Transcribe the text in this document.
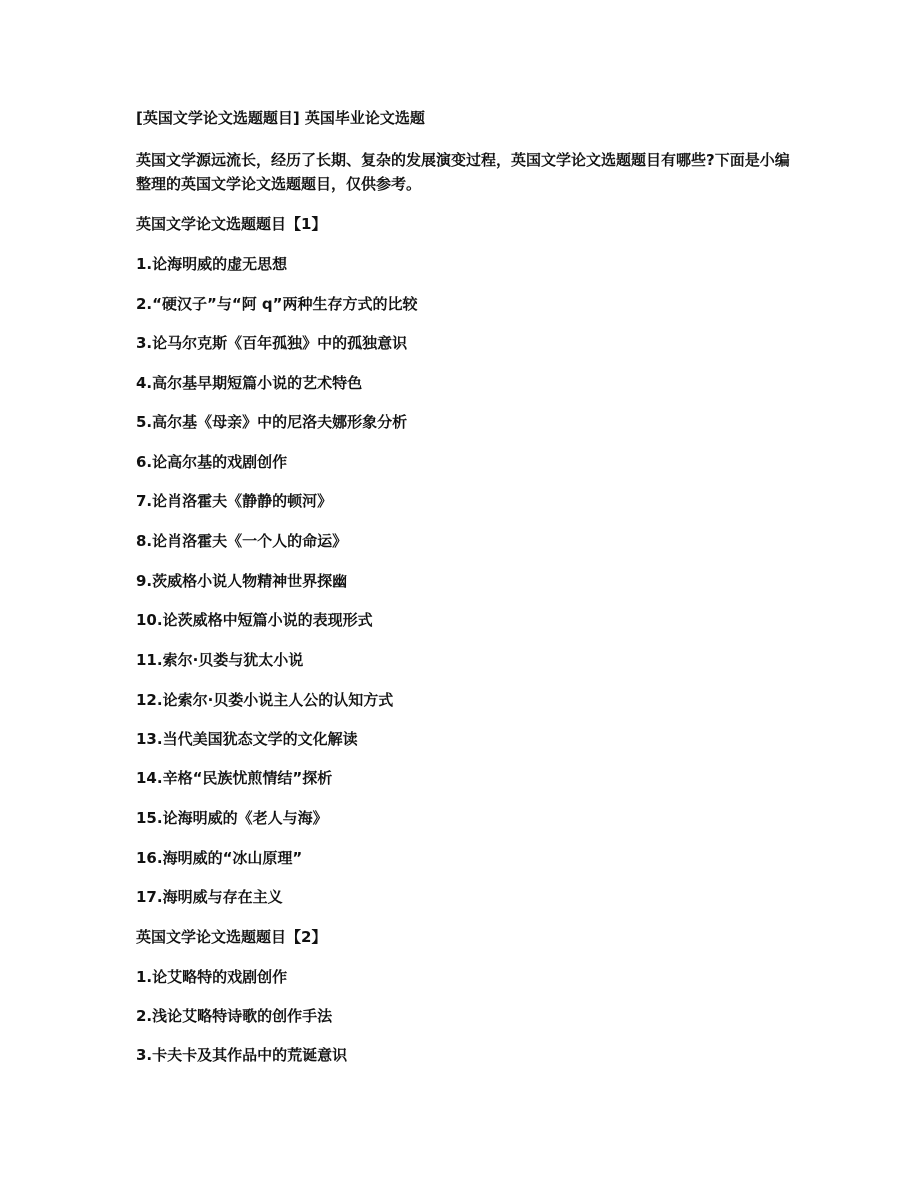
[英国文学论文选题题目] 英国毕业论文选题
英国文学源远流长，经历了长期、复杂的发展演变过程，英国文学论文选题题目有哪些?下面是小编整理的英国文学论文选题题目，仅供参考。
英国文学论文选题题目【1】
1.论海明威的虚无思想
2.“硬汉子”与“阿 q”两种生存方式的比较
3.论马尔克斯《百年孤独》中的孤独意识
4.高尔基早期短篇小说的艺术特色
5.高尔基《母亲》中的尼洛夫娜形象分析
6.论高尔基的戏剧创作
7.论肖洛霍夫《静静的顿河》
8.论肖洛霍夫《一个人的命运》
9.茨威格小说人物精神世界探幽
10.论茨威格中短篇小说的表现形式
11.索尔·贝娄与犹太小说
12.论索尔·贝娄小说主人公的认知方式
13.当代美国犹态文学的文化解读
14.辛格“民族忧煎情结”探析
15.论海明威的《老人与海》
16.海明威的“冰山原理”
17.海明威与存在主义
英国文学论文选题题目【2】
1.论艾略特的戏剧创作
2.浅论艾略特诗歌的创作手法
3.卡夫卡及其作品中的荒诞意识
